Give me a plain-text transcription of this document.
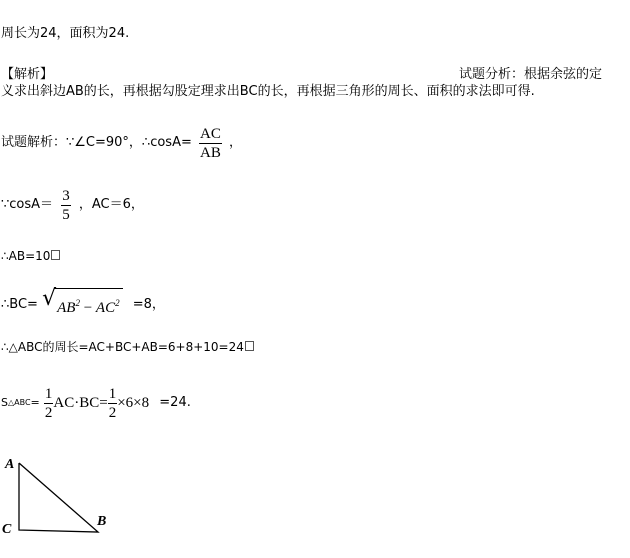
周长为24，面积为24.
【解析】	试题分析：根据余弦的定
义求出斜边AB的长，再根据勾股定理求出BC的长，再根据三角形的周长、面积的求法即可得.
试题解析：∵∠C=90°，∴cosA= $\frac{AC}{AB}$ ，
∵cosA＝ $\frac{3}{5}$ ，AC＝6，
∴AB=10
∴BC= $√AB^2 - AC^2 =8$，
∴△ABC的周长=AC+BC+AB=6+8+10=24
S△ABC= $\frac{1}{2} AC\cdot BC= \frac{1}{2} \times 6\times 8 =24$.
A
C
B
